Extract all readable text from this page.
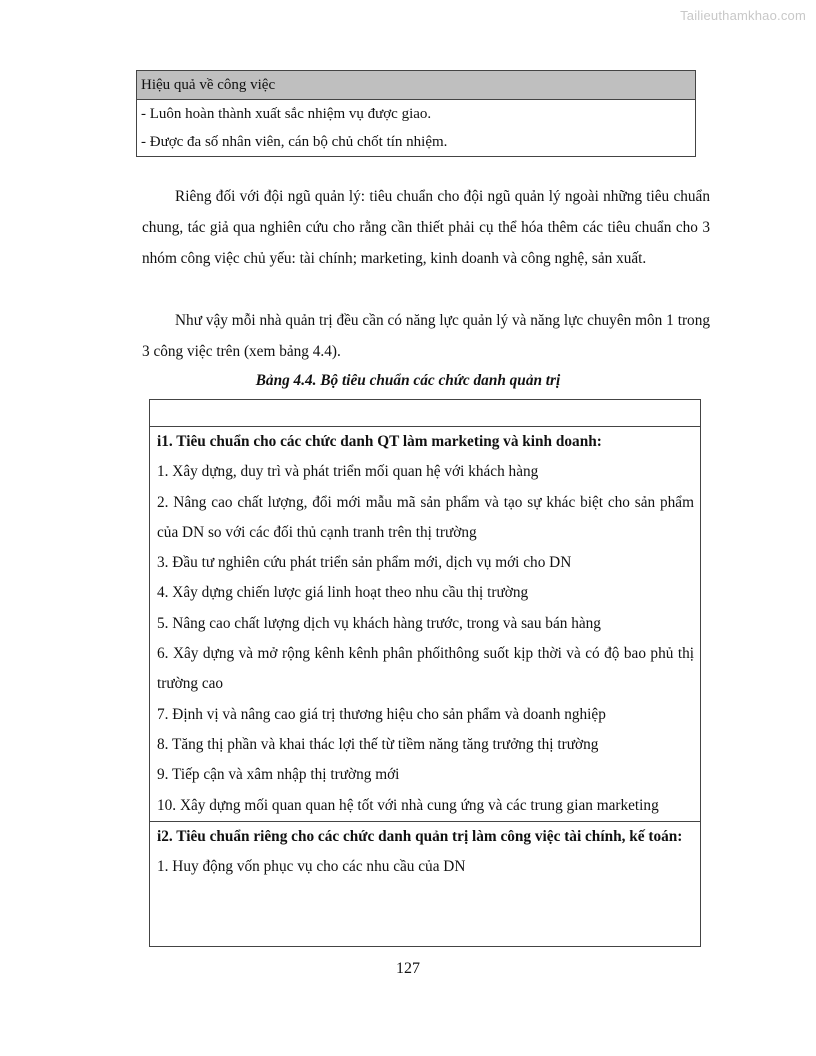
Tailieuthamkhao.com
Hiệu quả về công việc
- Luôn hoàn thành xuất sắc nhiệm vụ được giao.
- Được đa số nhân viên, cán bộ chủ chốt tín nhiệm.

Riêng đối với đội ngũ quản lý: tiêu chuẩn cho đội ngũ quản lý ngoài những tiêu chuẩn chung, tác giả qua nghiên cứu cho rằng cần thiết phải cụ thể hóa thêm các tiêu chuẩn cho 3 nhóm công việc chủ yếu: tài chính; marketing, kinh doanh và công nghệ, sản xuất.

Như vậy mỗi nhà quản trị đều cần có năng lực quản lý và năng lực chuyên môn 1 trong 3 công việc trên (xem bảng 4.4).

Bảng 4.4. Bộ tiêu chuẩn các chức danh quản trị

i1. Tiêu chuẩn cho các chức danh QT làm marketing và kinh doanh:

1. Xây dựng, duy trì và phát triển mối quan hệ với khách hàng

2. Nâng cao chất lượng, đổi mới mẫu mã sản phẩm và tạo sự khác biệt cho sản phẩm của DN so với các đối thủ cạnh tranh trên thị trường

3. Đầu tư nghiên cứu phát triển sản phẩm mới, dịch vụ mới cho DN

4. Xây dựng chiến lược giá linh hoạt theo nhu cầu thị trường

5. Nâng cao chất lượng dịch vụ khách hàng trước, trong và sau bán hàng

6. Xây dựng và mở rộng kênh kênh phân phốithông suốt kịp thời và có độ bao phủ thị trường cao

7. Định vị và nâng cao giá trị thương hiệu cho sản phẩm và doanh nghiệp

8. Tăng thị phần và khai thác lợi thế từ tiềm năng tăng trưởng thị trường

9. Tiếp cận và xâm nhập thị trường mới

10. Xây dựng mối quan quan hệ tốt với nhà cung ứng và các trung gian marketing

i2. Tiêu chuẩn riêng cho các chức danh quản trị làm công việc tài chính, kế toán:

1. Huy động vốn phục vụ cho các nhu cầu của DN

127
